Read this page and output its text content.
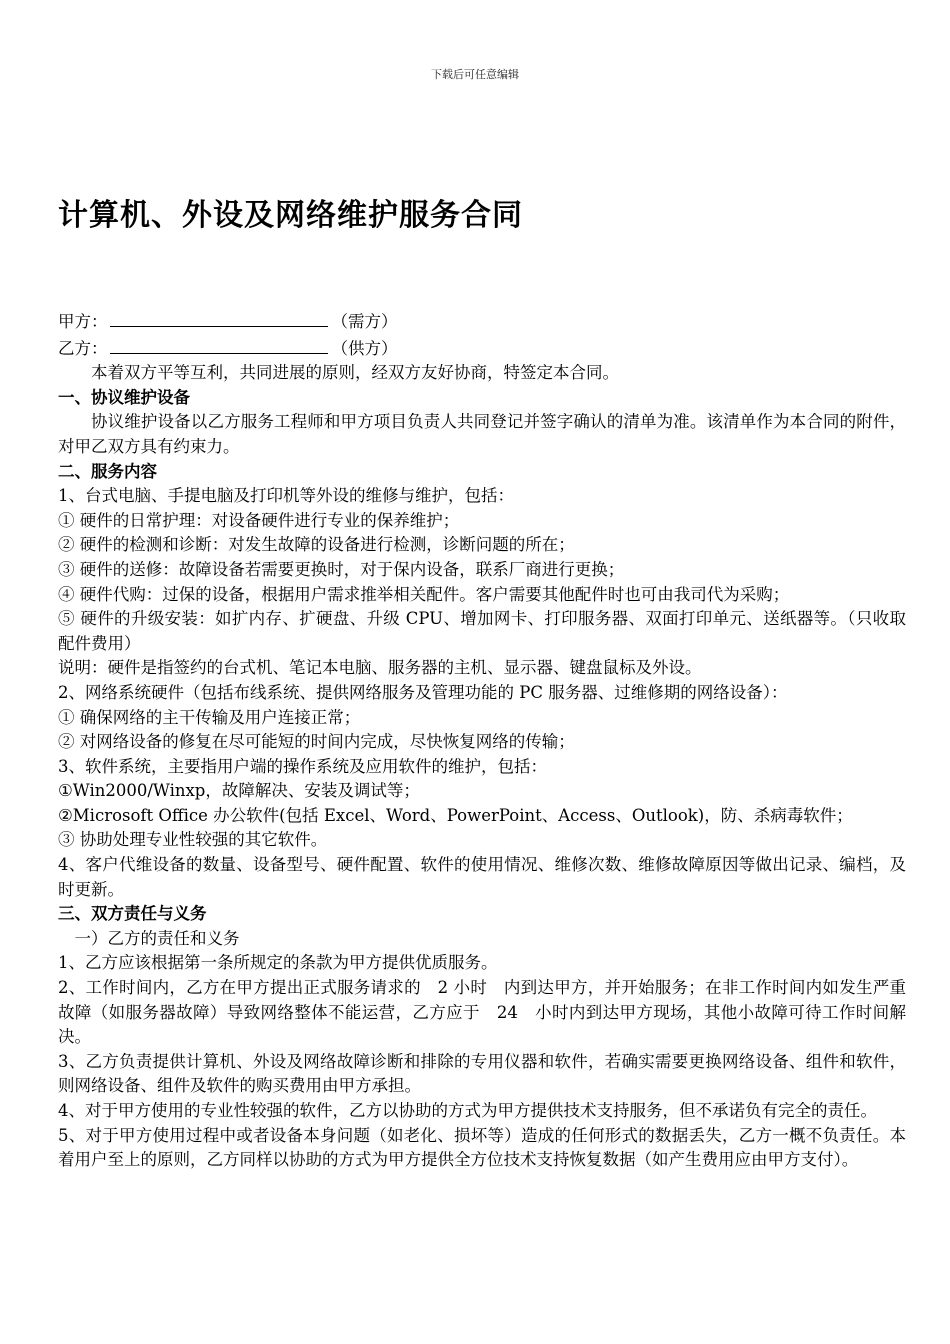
下载后可任意编辑
计算机、外设及网络维护服务合同

甲方：	（需方）

乙方：	（供方）

本着双方平等互利，共同进展的原则，经双方友好协商，特签定本合同。

一、协议维护设备

协议维护设备以乙方服务工程师和甲方项目负责人共同登记并签字确认的清单为准。该清单作为本合同的附件，对甲乙双方具有约束力。

二、服务内容

1、台式电脑、手提电脑及打印机等外设的维修与维护，包括：

① 硬件的日常护理：对设备硬件进行专业的保养维护；

② 硬件的检测和诊断：对发生故障的设备进行检测，诊断问题的所在；

③ 硬件的送修：故障设备若需要更换时，对于保内设备，联系厂商进行更换；

④ 硬件代购：过保的设备，根据用户需求推举相关配件。客户需要其他配件时也可由我司代为采购；

⑤ 硬件的升级安装：如扩内存、扩硬盘、升级 CPU、增加网卡、打印服务器、双面打印单元、送纸器等。（只收取配件费用）

说明：硬件是指签约的台式机、笔记本电脑、服务器的主机、显示器、键盘鼠标及外设。

2、网络系统硬件（包括布线系统、提供网络服务及管理功能的 PC 服务器、过维修期的网络设备）：

① 确保网络的主干传输及用户连接正常；

② 对网络设备的修复在尽可能短的时间内完成，尽快恢复网络的传输；

3、软件系统，主要指用户端的操作系统及应用软件的维护，包括：

①Win2000/Winxp，故障解决、安装及调试等；

②Microsoft Office 办公软件(包括 Excel、Word、PowerPoint、Access、Outlook)，防、杀病毒软件；

③ 协助处理专业性较强的其它软件。

4、客户代维设备的数量、设备型号、硬件配置、软件的使用情况、维修次数、维修故障原因等做出记录、编档，及时更新。

三、双方责任与义务

一）乙方的责任和义务

1、乙方应该根据第一条所规定的条款为甲方提供优质服务。

2、工作时间内，乙方在甲方提出正式服务请求的　2 小时　内到达甲方，并开始服务；在非工作时间内如发生严重故障（如服务器故障）导致网络整体不能运营，乙方应于　24　小时内到达甲方现场，其他小故障可待工作时间解决。

3、乙方负责提供计算机、外设及网络故障诊断和排除的专用仪器和软件，若确实需要更换网络设备、组件和软件，则网络设备、组件及软件的购买费用由甲方承担。

4、对于甲方使用的专业性较强的软件，乙方以协助的方式为甲方提供技术支持服务，但不承诺负有完全的责任。

5、对于甲方使用过程中或者设备本身问题（如老化、损坏等）造成的任何形式的数据丢失，乙方一概不负责任。本着用户至上的原则，乙方同样以协助的方式为甲方提供全方位技术支持恢复数据（如产生费用应由甲方支付）。
